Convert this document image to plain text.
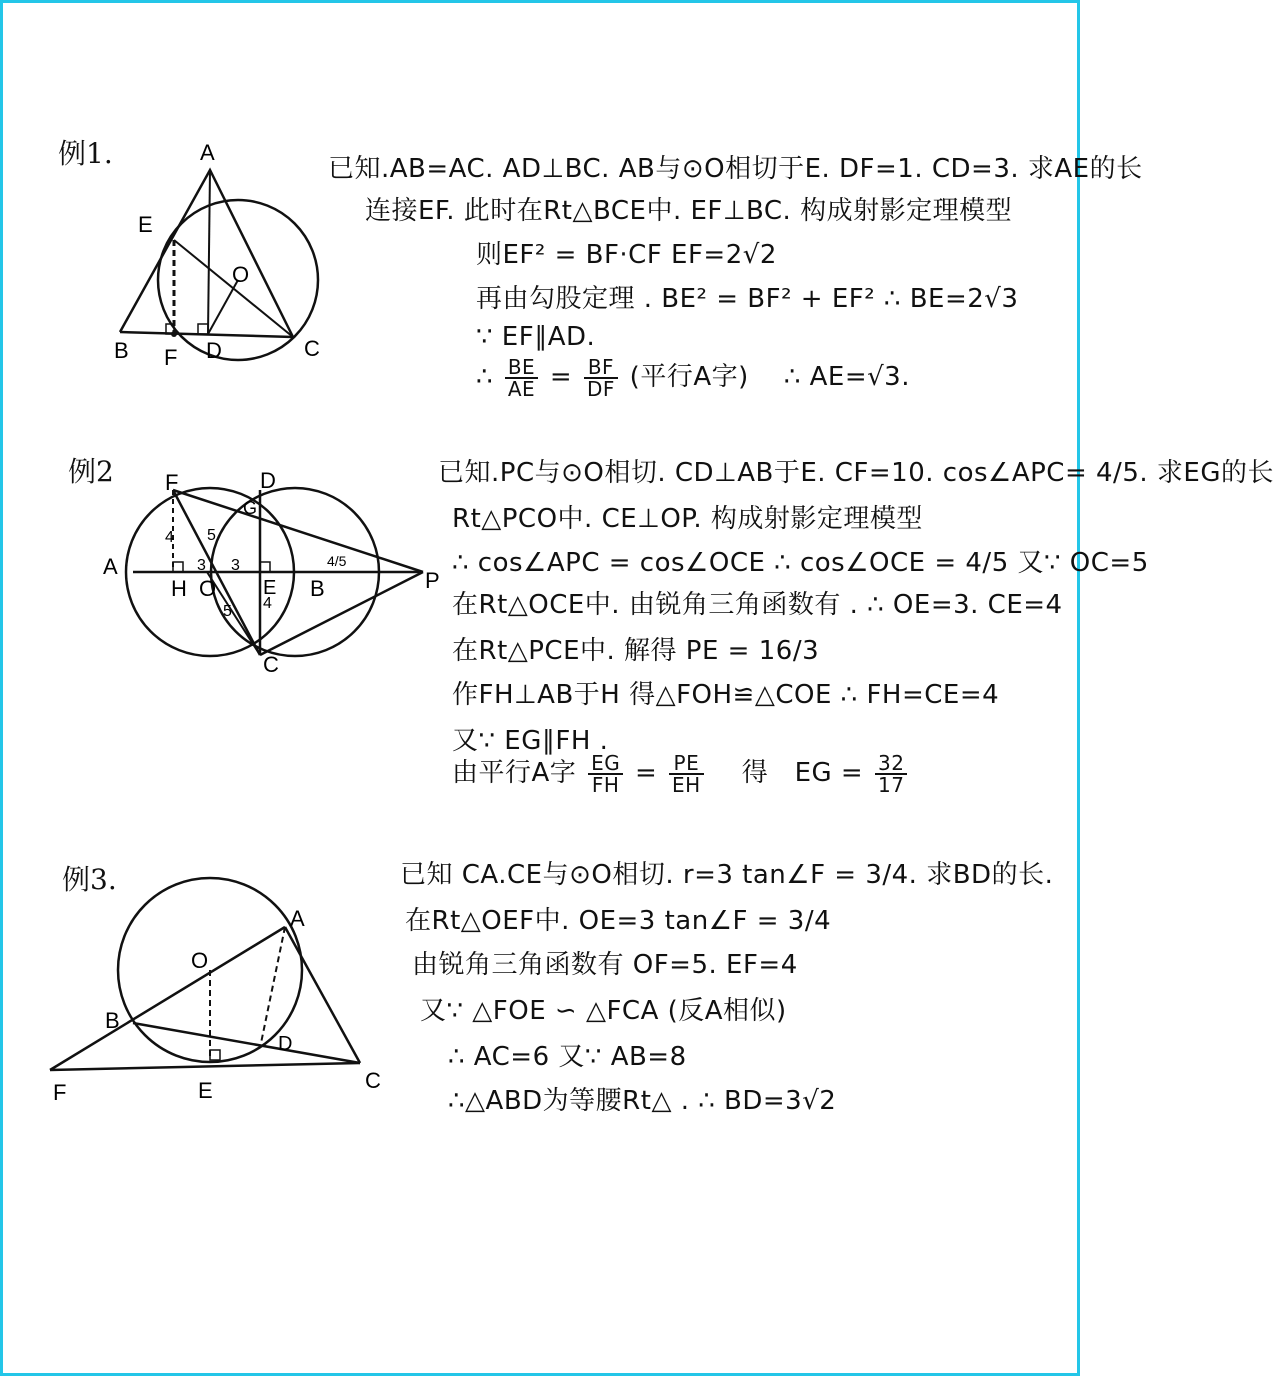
例1.	A
E
O
B F D	C
已知.AB=AC. AD⊥BC. AB与⊙O相切于E. DF=1. CD=3. 求AE的长
连接EF. 此时在Rt△BCE中. EF⊥BC. 构成射影定理模型
则EF² = BF·CF EF=2√2
再由勾股定理 . BE² = BF² + EF² ∴ BE=2√3
∵ EF∥AD.
∴ $\frac{BE}{AE} = \frac{BF}{DF}$ (平行A字) ∴ AE=√3.
例2 F	D
G
A
H O E B	P
C
4 5
3 3
5 4
4/5
已知.PC与⊙O相切. CD⊥AB于E. CF=10. cos∠APC= 4/5. 求EG的长
Rt△PCO中. CE⊥OP. 构成射影定理模型
∴ cos∠APC = cos∠OCE ∴ cos∠OCE = 4/5 又∵ OC=5
在Rt△OCE中. 由锐角三角函数有 . ∴ OE=3. CE=4
在Rt△PCE中. 解得 PE = 16/3
作FH⊥AB于H 得△FOH≌△COE ∴ FH=CE=4
又∵ EG∥FH .
由平行A字 $\frac{EG}{FH} = \frac{PE}{EH}$ 得 EG = $\frac{32}{17}$
例3.
A
O
B
D
F	E	C
已知 CA.CE与⊙O相切. r=3 tan∠F = 3/4. 求BD的长.
在Rt△OEF中. OE=3 tan∠F = 3/4
由锐角三角函数有 OF=5. EF=4
又∵ △FOE ∽ △FCA (反A相似)
∴ AC=6 又∵ AB=8
∴△ABD为等腰Rt△ . ∴ BD=3√2
